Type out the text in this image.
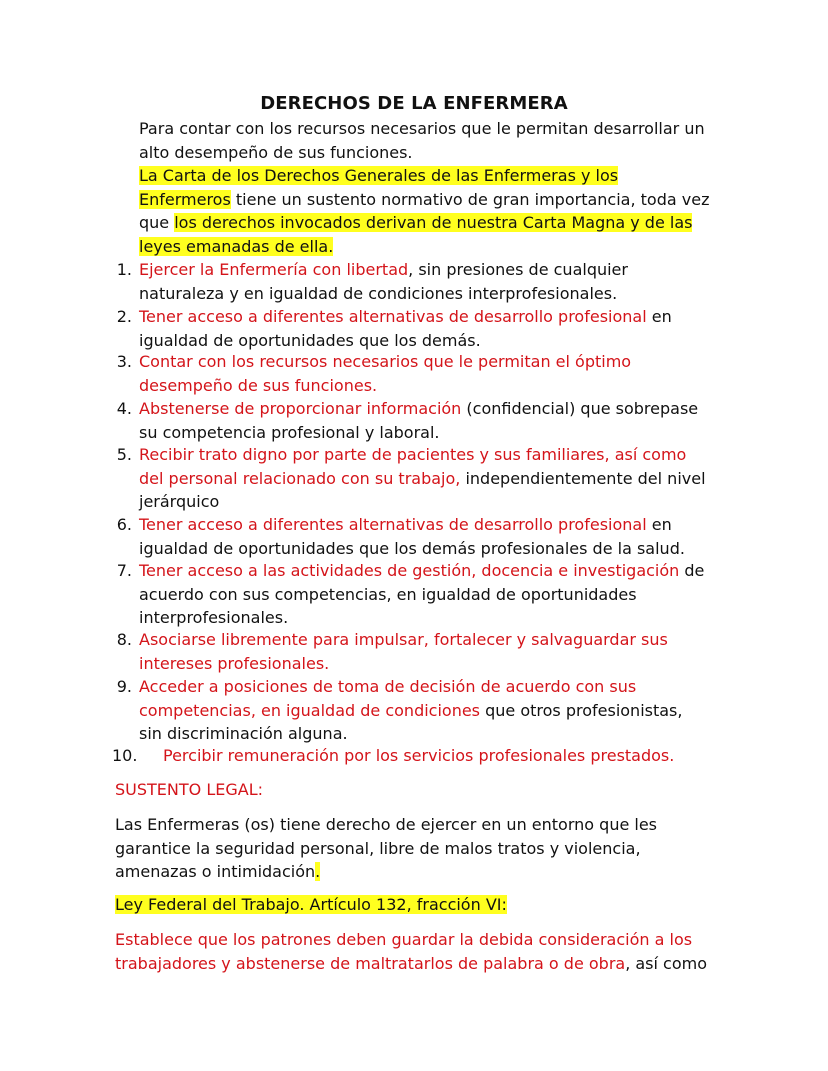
DERECHOS DE LA ENFERMERA
Para contar con los recursos necesarios que le permitan desarrollar un
alto desempeño de sus funciones.
La Carta de los Derechos Generales de las Enfermeras y los
Enfermeros tiene un sustento normativo de gran importancia, toda vez
que los derechos invocados derivan de nuestra Carta Magna y de las
leyes emanadas de ella.
1. Ejercer la Enfermería con libertad, sin presiones de cualquier
naturaleza y en igualdad de condiciones interprofesionales.
2. Tener acceso a diferentes alternativas de desarrollo profesional en
igualdad de oportunidades que los demás.
3. Contar con los recursos necesarios que le permitan el óptimo
desempeño de sus funciones.
4. Abstenerse de proporcionar información (confidencial) que sobrepase
su competencia profesional y laboral.
5. Recibir trato digno por parte de pacientes y sus familiares, así como
del personal relacionado con su trabajo, independientemente del nivel
jerárquico
6. Tener acceso a diferentes alternativas de desarrollo profesional en
igualdad de oportunidades que los demás profesionales de la salud.
7. Tener acceso a las actividades de gestión, docencia e investigación de
acuerdo con sus competencias, en igualdad de oportunidades
interprofesionales.
8. Asociarse libremente para impulsar, fortalecer y salvaguardar sus
intereses profesionales.
9. Acceder a posiciones de toma de decisión de acuerdo con sus
competencias, en igualdad de condiciones que otros profesionistas,
sin discriminación alguna.
10. Percibir remuneración por los servicios profesionales prestados.
SUSTENTO LEGAL:
Las Enfermeras (os) tiene derecho de ejercer en un entorno que les
garantice la seguridad personal, libre de malos tratos y violencia,
amenazas o intimidación.
Ley Federal del Trabajo. Artículo 132, fracción VI:
Establece que los patrones deben guardar la debida consideración a los
trabajadores y abstenerse de maltratarlos de palabra o de obra, así como
